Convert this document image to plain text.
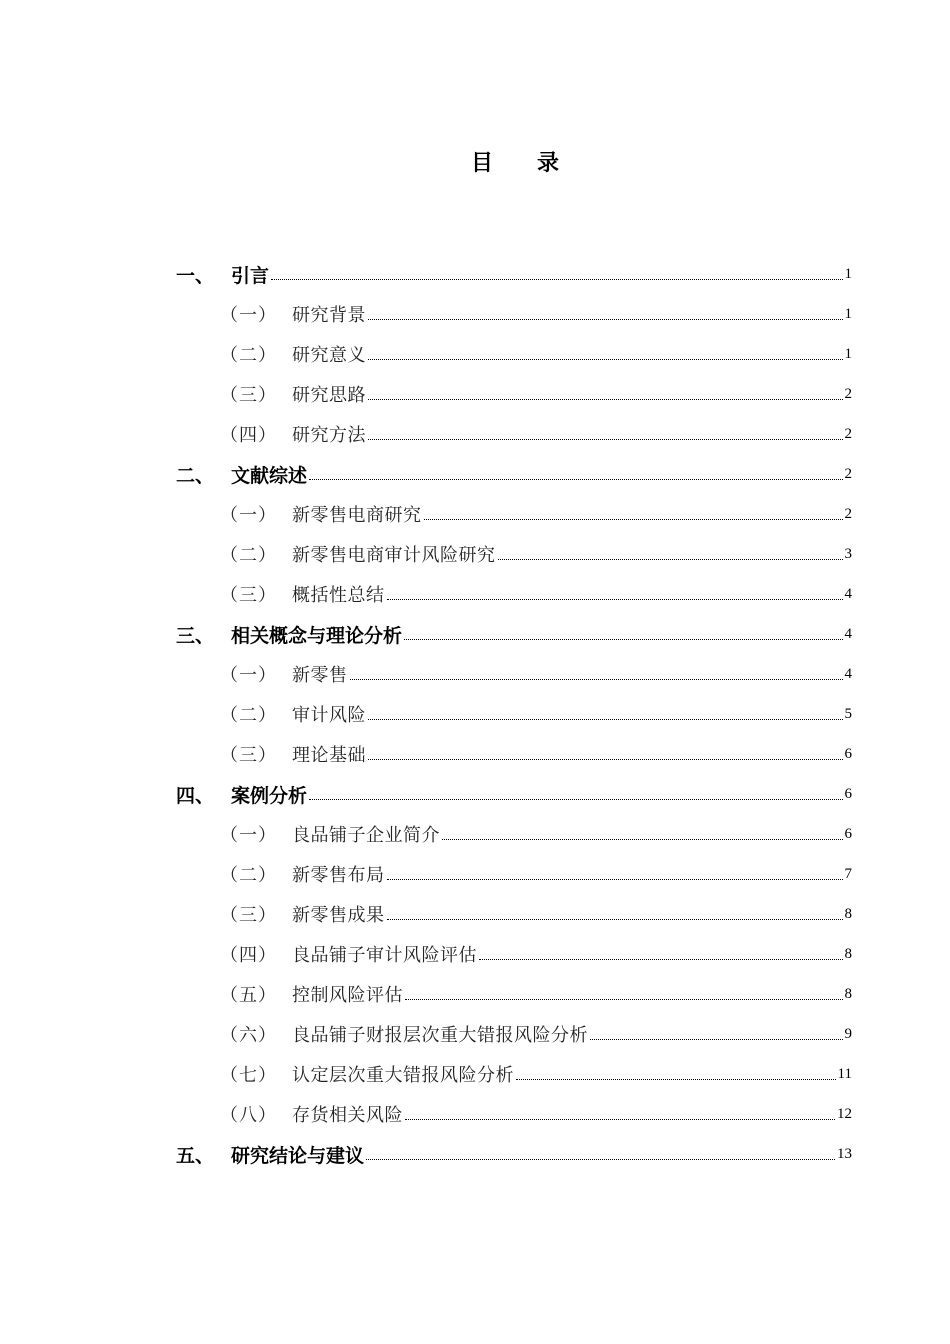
目　　录
一、 引言	1
（一） 研究背景	1
（二） 研究意义	1
（三） 研究思路	2
（四） 研究方法	2
二、 文献综述	2
（一） 新零售电商研究	2
（二） 新零售电商审计风险研究	3
（三） 概括性总结	4
三、 相关概念与理论分析	4
（一） 新零售	4
（二） 审计风险	5
（三） 理论基础	6
四、 案例分析	6
（一） 良品铺子企业简介	6
（二） 新零售布局	7
（三） 新零售成果	8
（四） 良品铺子审计风险评估	8
（五） 控制风险评估	8
（六） 良品铺子财报层次重大错报风险分析	9
（七） 认定层次重大错报风险分析	11
（八） 存货相关风险	12
五、 研究结论与建议	13
